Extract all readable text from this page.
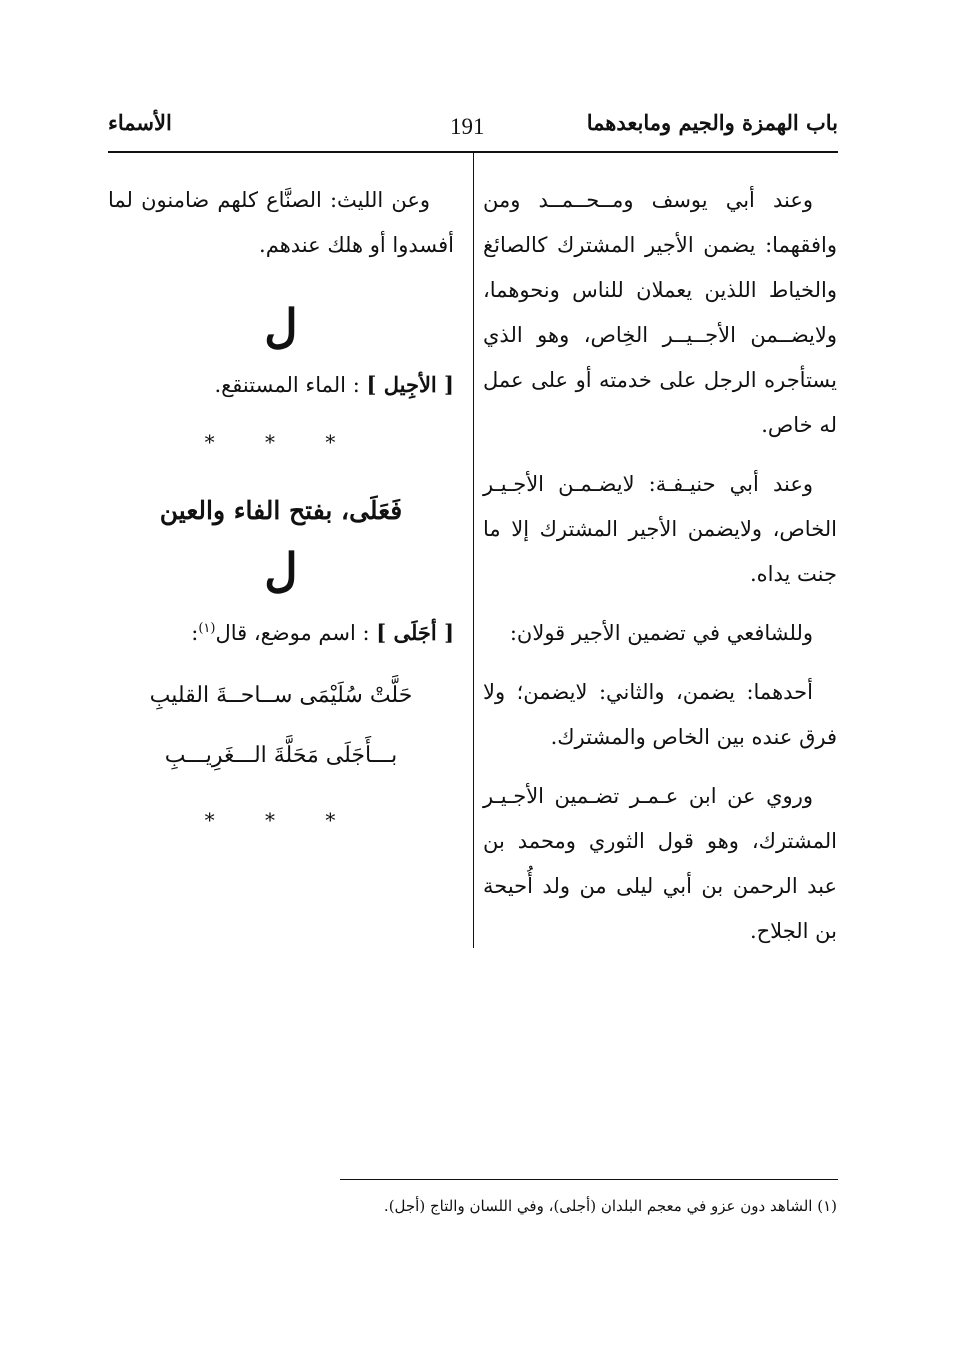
باب الهمزة والجيم ومابعدهما
191
الأسماء

وعند أبي يوسف ومــحــمــد ومن وافقهما: يضمن الأجير المشترك كالصائغ والخياط اللذين يعملان للناس ونحوهما، ولايضــمن الأجــيــر الخِاص، وهو الذي يستأجره الرجل على خدمته أو على عمل له خاص.

وعند أبي حنيـفـة: لايضـمـن الأجـيـر الخاص، ولايضمن الأجير المشترك إلا ما جنت يداه.

وللشافعي في تضمين الأجير قولان:

أحدهما: يضمن، والثاني: لايضمن؛ ولا فرق عنده بين الخاص والمشترك.

وروي عن ابن عـمـر تضـمين الأجـيـر المشترك، وهو قول الثوري ومحمد بن عبد الرحمن بن أبي ليلى من ولد أُحيحة بن الجلاح.

وعن الليث: الصنَّاع كلهم ضامنون لما أفسدوا أو هلك عندهم.

ل

[ الأجِيل ] : الماء المستنقع.

* * *
فَعَلَى، بفتح الفاء والعين
ل

[ أجَلَى ] : اسم موضع، قال$^{(١)}$:

حَلَّتْ سُلَيْمَى ســاحــةَ القليبِ
بـــأَجَلَى مَحَلَّةَ الـــغَرِيـــبِ
* * *
(١) الشاهد دون عزو في معجم البلدان (أجلى)، وفي اللسان والتاج (أجل).
